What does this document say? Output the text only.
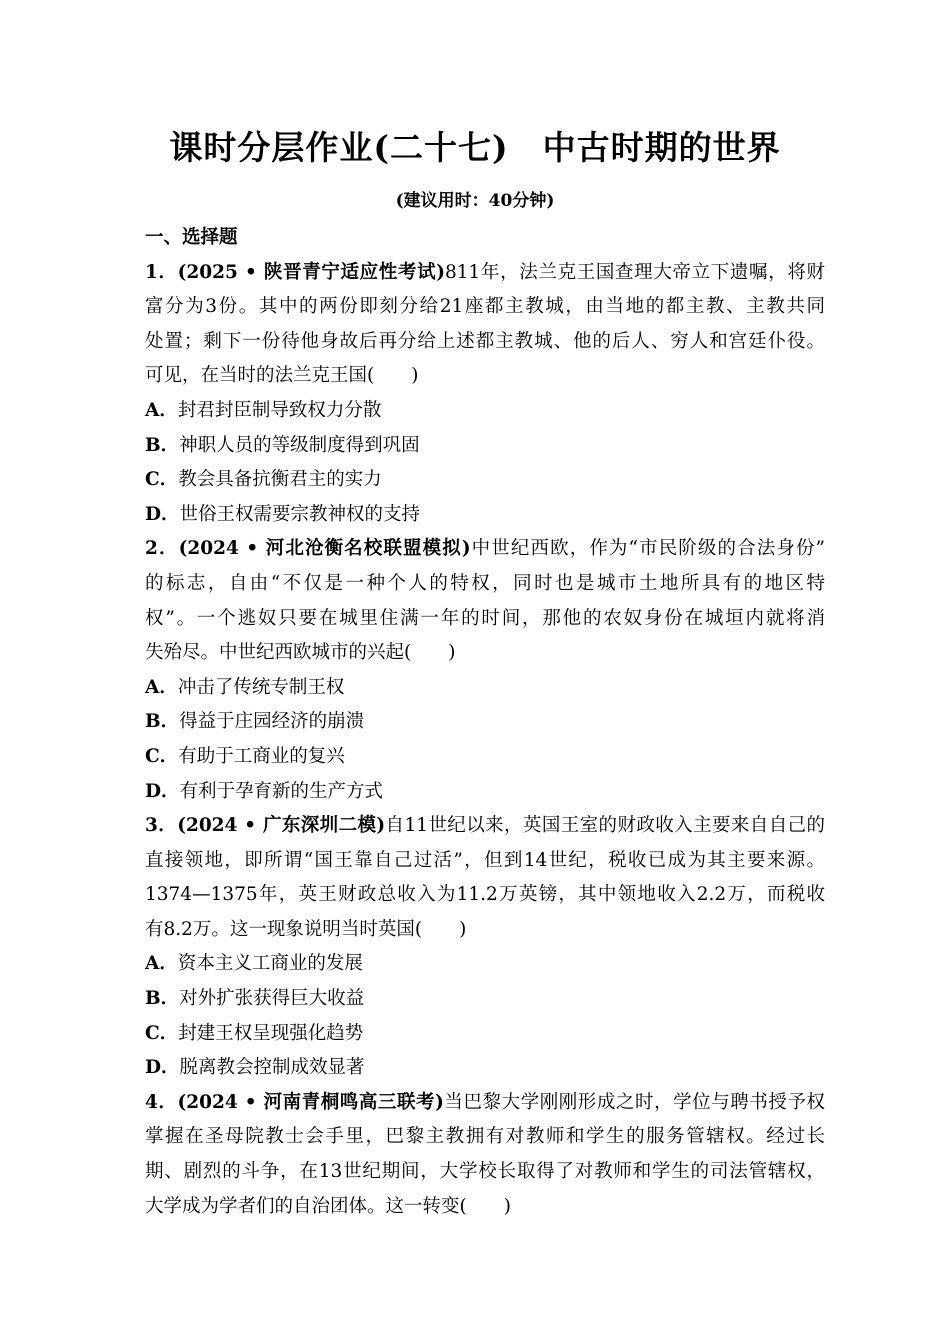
课时分层作业(二十七)　中古时期的世界
(建议用时：40分钟)
一、选择题
1．(2025 • 陕晋青宁适应性考试)811年，法兰克王国查理大帝立下遗嘱，将财
富分为3份。其中的两份即刻分给21座都主教城，由当地的都主教、主教共同
处置；剩下一份待他身故后再分给上述都主教城、他的后人、穷人和宫廷仆役。
可见，在当时的法兰克王国(　　)
A．封君封臣制导致权力分散
B．神职人员的等级制度得到巩固
C．教会具备抗衡君主的实力
D．世俗王权需要宗教神权的支持
2．(2024 • 河北沧衡名校联盟模拟)中世纪西欧，作为“市民阶级的合法身份”
的标志，自由“不仅是一种个人的特权，同时也是城市土地所具有的地区特
权”。一个逃奴只要在城里住满一年的时间，那他的农奴身份在城垣内就将消
失殆尽。中世纪西欧城市的兴起(　　)
A．冲击了传统专制王权
B．得益于庄园经济的崩溃
C．有助于工商业的复兴
D．有利于孕育新的生产方式
3．(2024 • 广东深圳二模)自11世纪以来，英国王室的财政收入主要来自自己的
直接领地，即所谓“国王靠自己过活”，但到14世纪，税收已成为其主要来源。
1374—1375年，英王财政总收入为11.2万英镑，其中领地收入2.2万，而税收
有8.2万。这一现象说明当时英国(　　)
A．资本主义工商业的发展
B．对外扩张获得巨大收益
C．封建王权呈现强化趋势
D．脱离教会控制成效显著
4．(2024 • 河南青桐鸣高三联考)当巴黎大学刚刚形成之时，学位与聘书授予权
掌握在圣母院教士会手里，巴黎主教拥有对教师和学生的服务管辖权。经过长
期、剧烈的斗争，在13世纪期间，大学校长取得了对教师和学生的司法管辖权，
大学成为学者们的自治团体。这一转变(　　)
